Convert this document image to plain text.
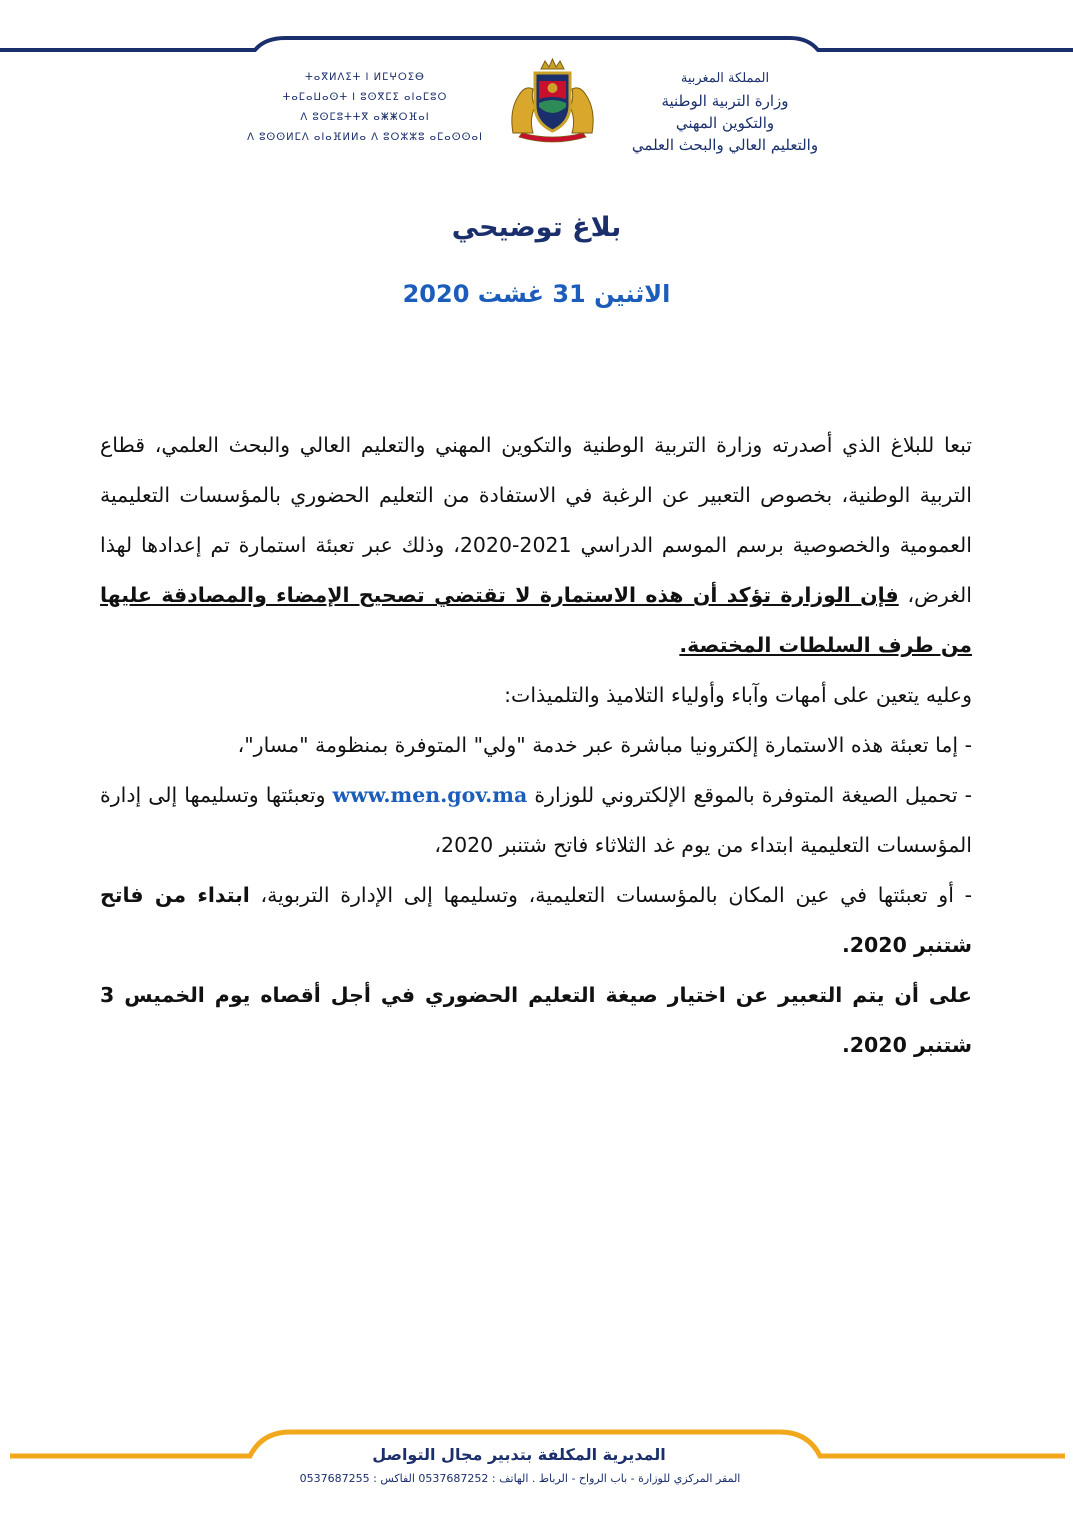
ⵜⴰⴳⵍⴷⵉⵜ ⵏ ⵍⵎⵖⵔⵉⴱ
ⵜⴰⵎⴰⵡⴰⵙⵜ ⵏ ⵓⵙⴳⵎⵉ ⴰⵏⴰⵎⵓⵔ
ⴷ ⵓⵙⵎⵓⵜⵜⴳ ⴰⵥⵥⵔⴼⴰⵏ
ⴷ ⵓⵙⵙⵍⵎⴷ ⴰⵏⴰⴼⵍⵍⴰ ⴷ ⵓⵔⵣⵣⵓ ⴰⵎⴰⵙⵙⴰⵏ
المملكة المغربية
وزارة التربية الوطنية
والتكوين المهني
والتعليم العالي والبحث العلمي
بلاغ توضيحي
الاثنين 31 غشت 2020

تبعا للبلاغ الذي أصدرته وزارة التربية الوطنية والتكوين المهني والتعليم العالي والبحث العلمي، قطاع التربية الوطنية، بخصوص التعبير عن الرغبة في الاستفادة من التعليم الحضوري بالمؤسسات التعليمية العمومية والخصوصية برسم الموسم الدراسي 2021-2020، وذلك عبر تعبئة استمارة تم إعدادها لهذا الغرض، فإن الوزارة تؤكد أن هذه الاستمارة لا تقتضي تصحيح الإمضاء والمصادقة عليها من طرف السلطات المختصة.

وعليه يتعين على أمهات وآباء وأولياء التلاميذ والتلميذات:

- إما تعبئة هذه الاستمارة إلكترونيا مباشرة عبر خدمة "ولي" المتوفرة بمنظومة "مسار"،

- تحميل الصيغة المتوفرة بالموقع الإلكتروني للوزارة www.men.gov.ma وتعبئتها وتسليمها إلى إدارة المؤسسات التعليمية ابتداء من يوم غد الثلاثاء فاتح شتنبر 2020،

- أو تعبئتها في عين المكان بالمؤسسات التعليمية، وتسليمها إلى الإدارة التربوية، ابتداء من فاتح شتنبر 2020.

على أن يتم التعبير عن اختيار صيغة التعليم الحضوري في أجل أقصاه يوم الخميس 3 شتنبر 2020.

المديرية المكلفة بتدبير مجال التواصل
المقر المركزي للوزارة - باب الرواح - الرباط . الهاتف : 0537687252 الفاكس : 0537687255
